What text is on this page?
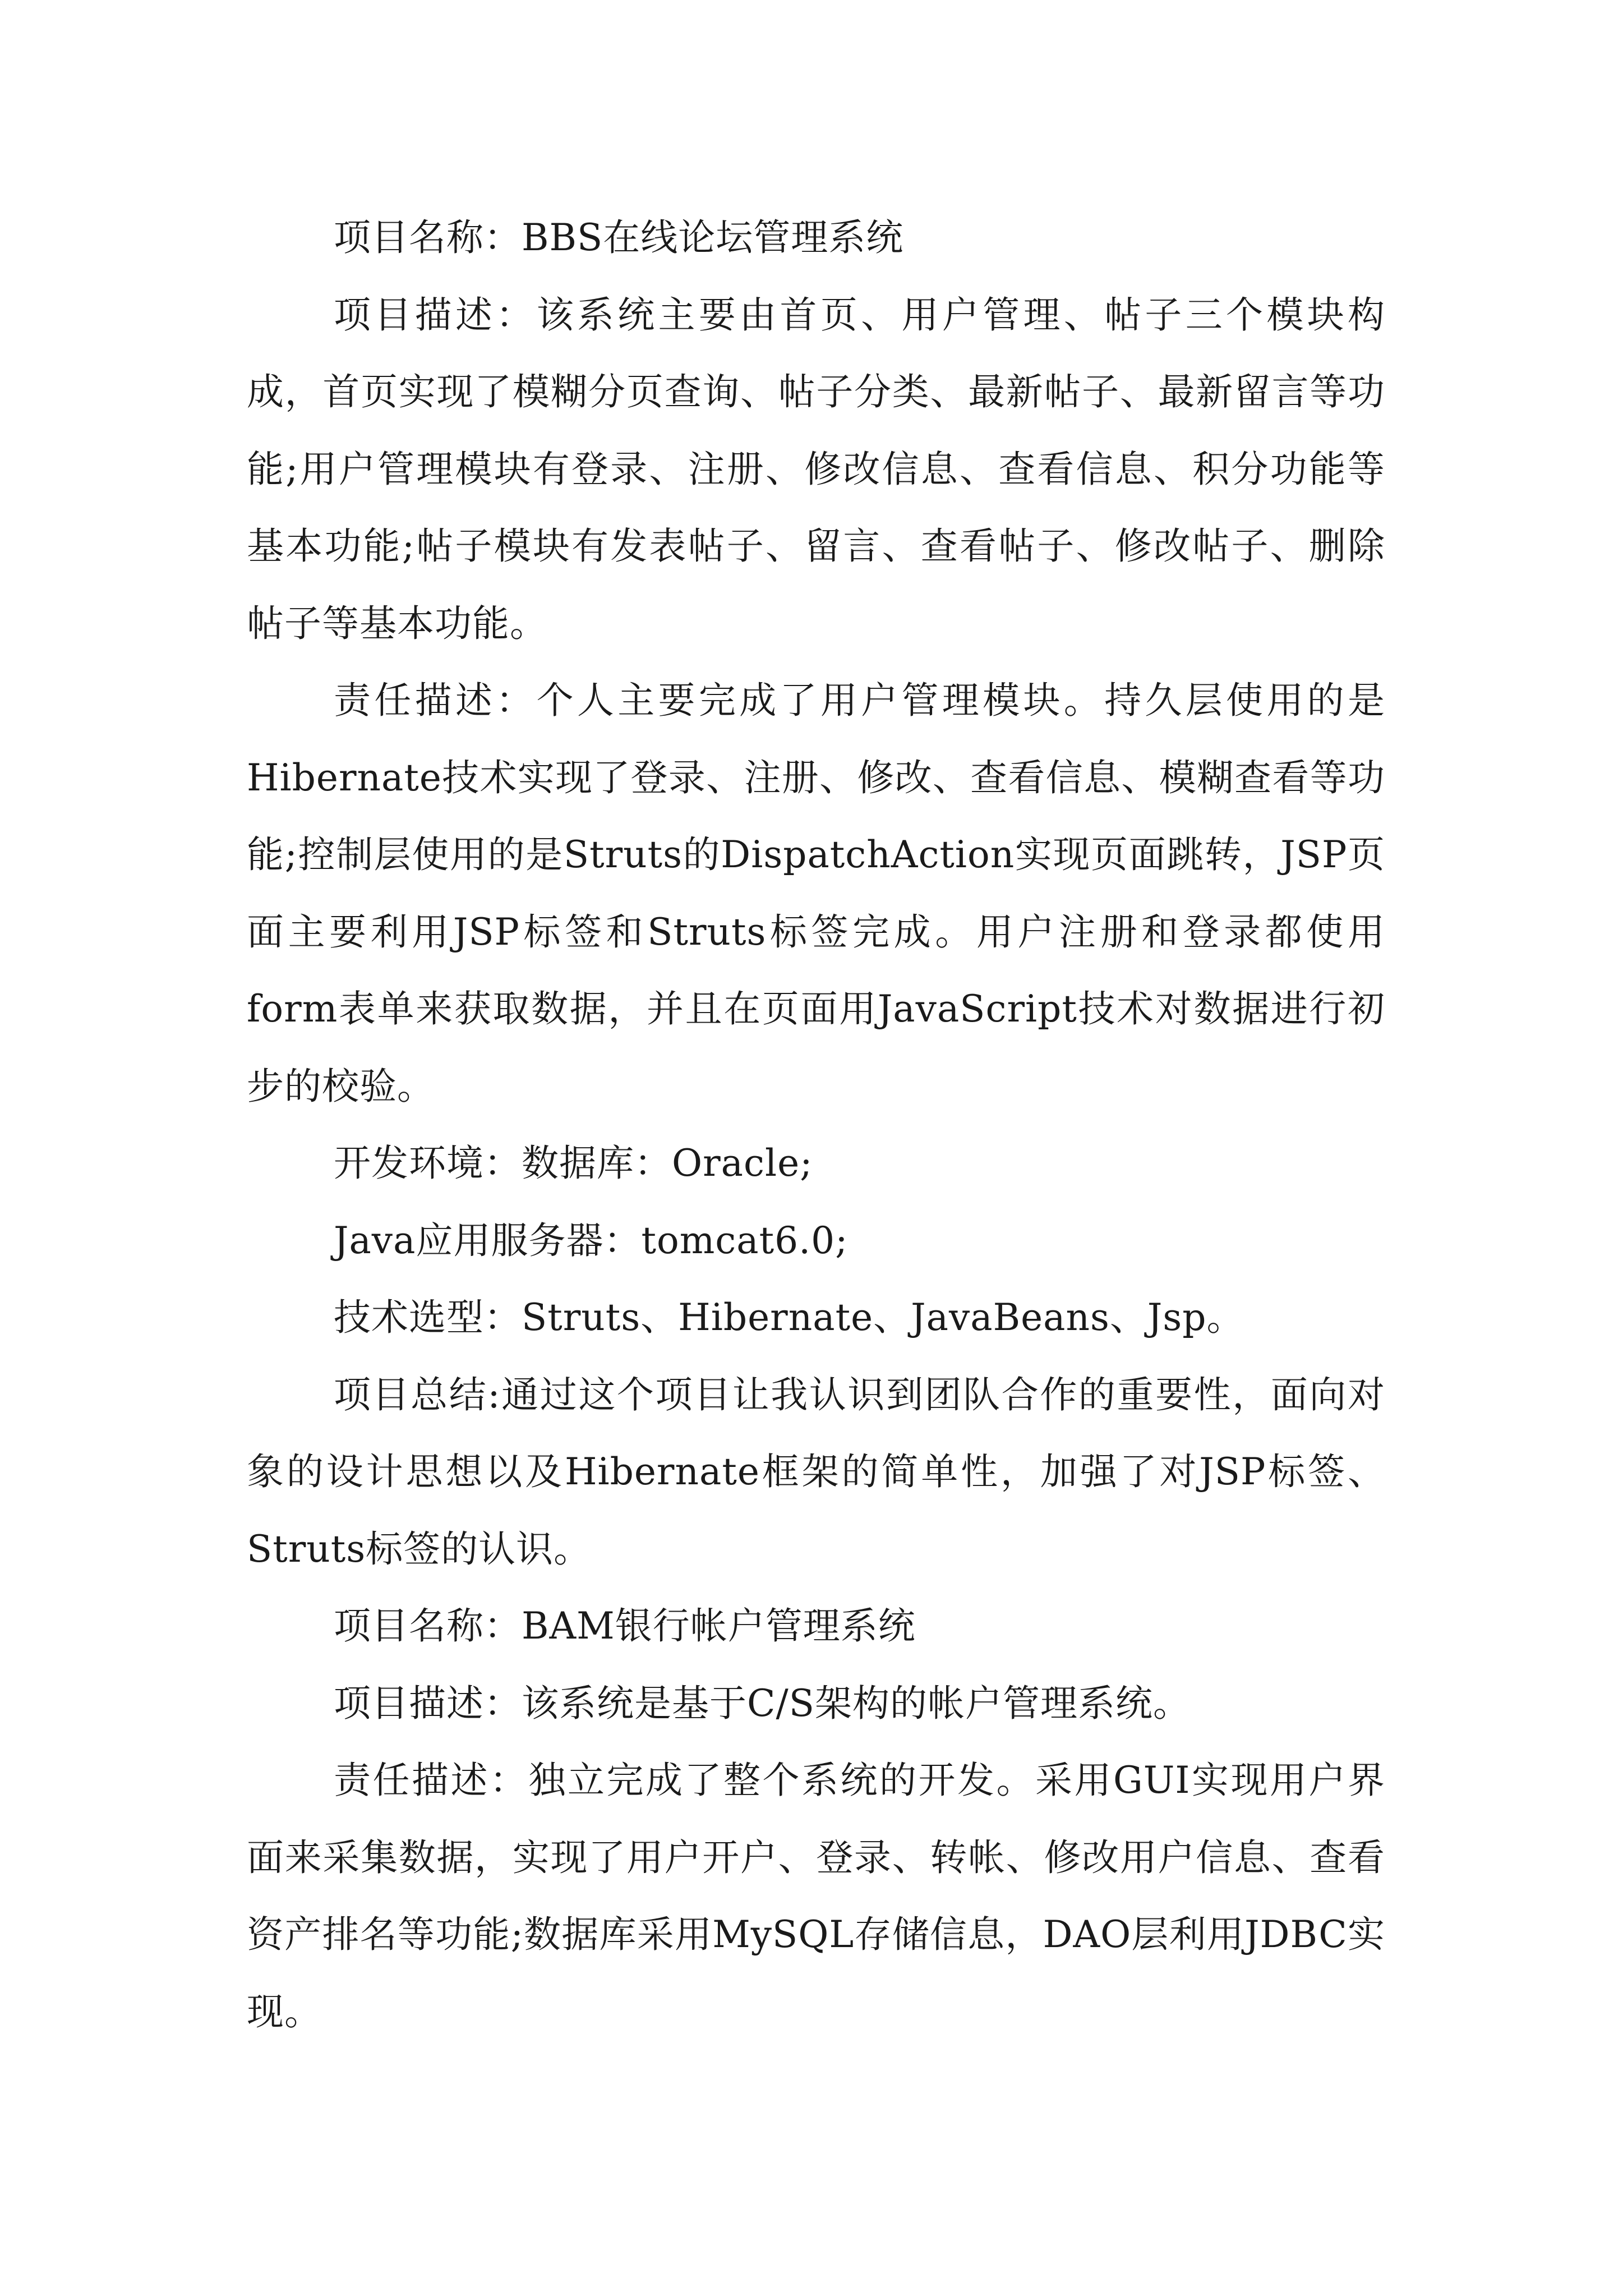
项目名称：BBS在线论坛管理系统

项目描述：该系统主要由首页、用户管理、帖子三个模块构成，首页实现了模糊分页查询、帖子分类、最新帖子、最新留言等功能;用户管理模块有登录、注册、修改信息、查看信息、积分功能等基本功能;帖子模块有发表帖子、留言、查看帖子、修改帖子、删除帖子等基本功能。

责任描述：个人主要完成了用户管理模块。持久层使用的是Hibernate技术实现了登录、注册、修改、查看信息、模糊查看等功能;控制层使用的是Struts的DispatchAction实现页面跳转，JSP页面主要利用JSP标签和Struts标签完成。用户注册和登录都使用form表单来获取数据，并且在页面用JavaScript技术对数据进行初步的校验。

开发环境：数据库：Oracle;

Java应用服务器：tomcat6.0;

技术选型：Struts、Hibernate、JavaBeans、Jsp。

项目总结:通过这个项目让我认识到团队合作的重要性，面向对象的设计思想以及Hibernate框架的简单性，加强了对JSP标签、Struts标签的认识。

项目名称：BAM银行帐户管理系统

项目描述：该系统是基于C/S架构的帐户管理系统。

责任描述：独立完成了整个系统的开发。采用GUI实现用户界面来采集数据，实现了用户开户、登录、转帐、修改用户信息、查看资产排名等功能;数据库采用MySQL存储信息，DAO层利用JDBC实现。
